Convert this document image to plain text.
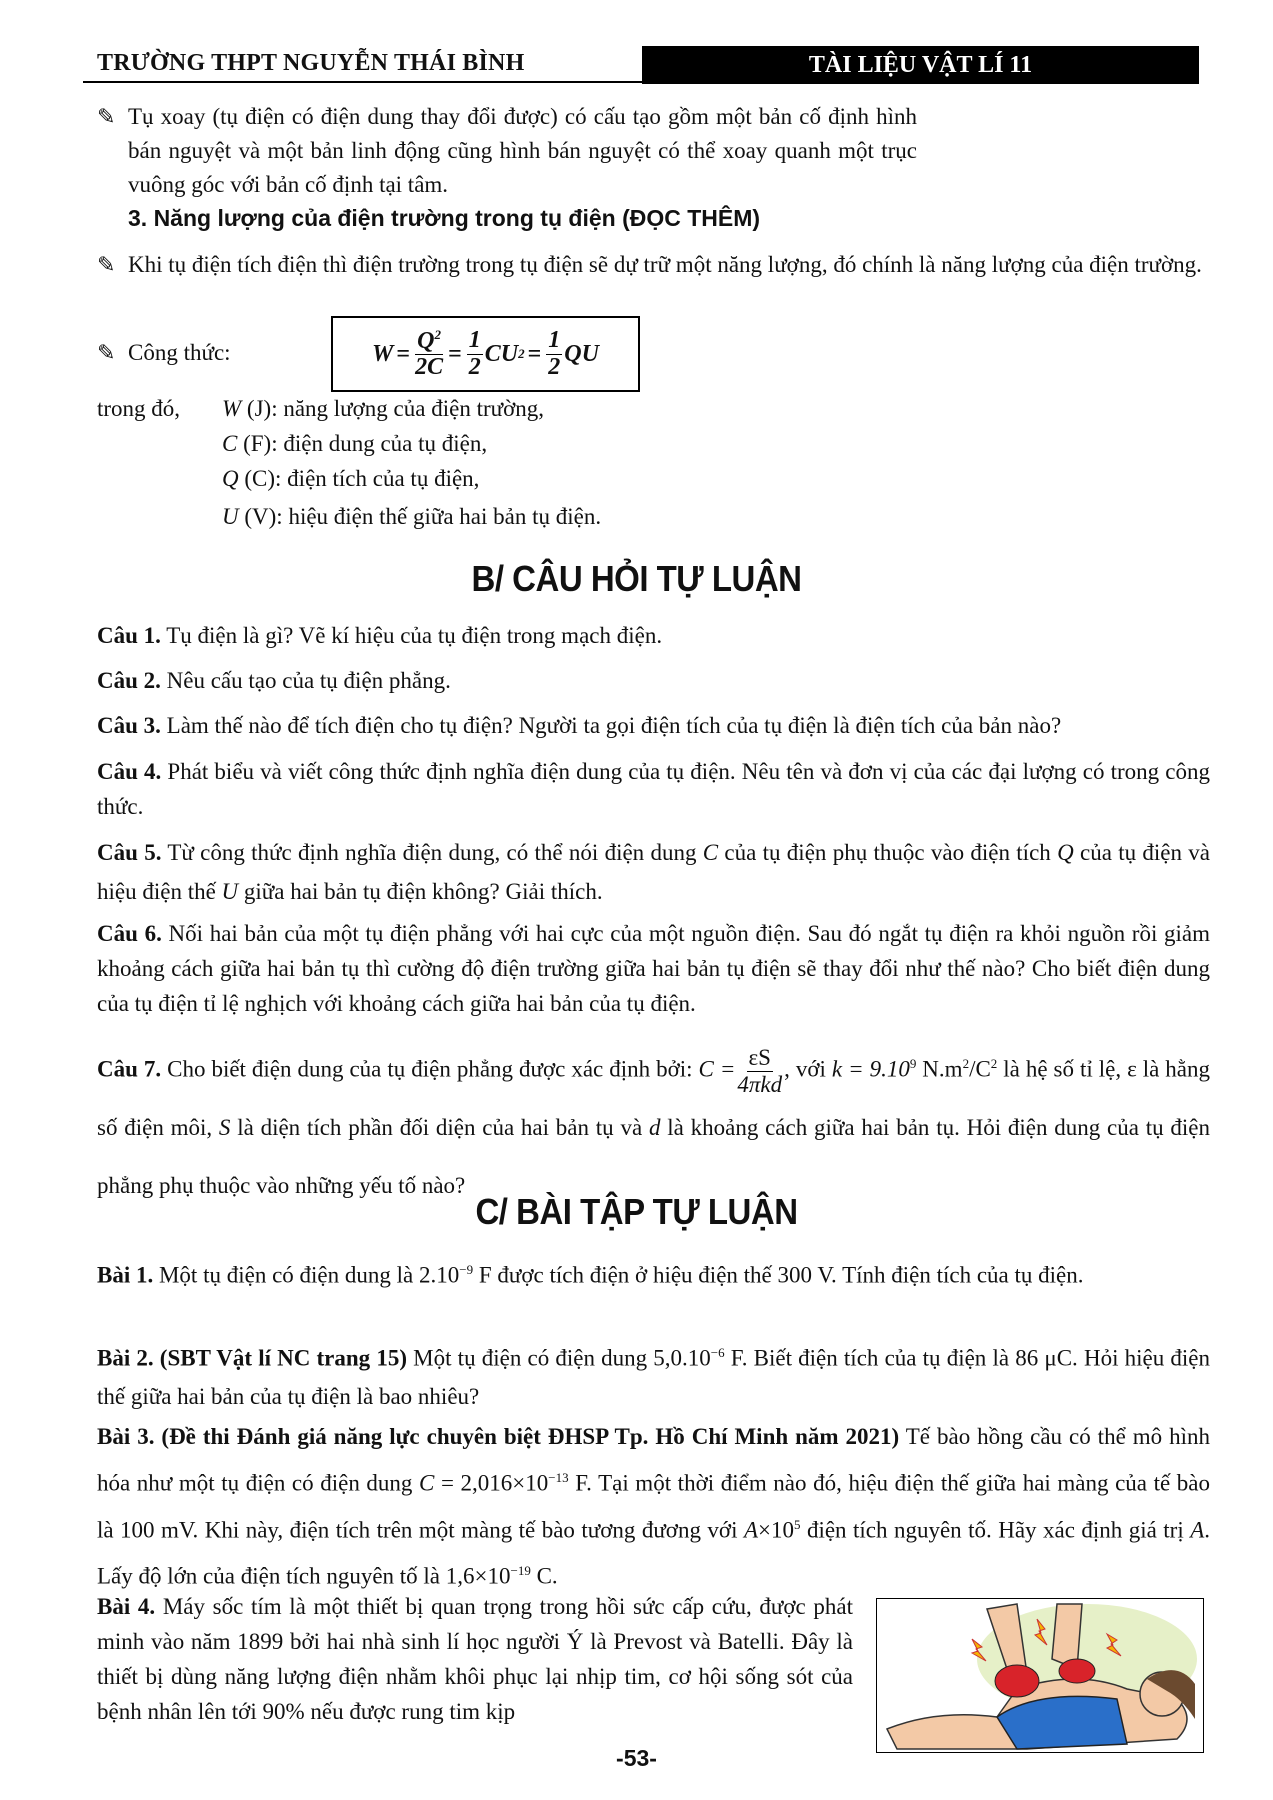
TRƯỜNG THPT NGUYỄN THÁI BÌNH	TÀI LIỆU VẬT LÍ 11
✎ Tụ xoay (tụ điện có điện dung thay đổi được) có cấu tạo gồm một bản cố định hình bán nguyệt và một bản linh động cũng hình bán nguyệt có thể xoay quanh một trục vuông góc với bản cố định tại tâm.
3. Năng lượng của điện trường trong tụ điện (ĐỌC THÊM)
✎ Khi tụ điện tích điện thì điện trường trong tụ điện sẽ dự trữ một năng lượng, đó chính là năng lượng của điện trường.
✎ Công thức:	$W = \frac{Q^2}{2C} = \frac{1}{2}$ CU $2 = \frac{1}{2}$ QU
trong đó, W (J): năng lượng của điện trường,
C (F): điện dung của tụ điện,
Q (C): điện tích của tụ điện,
U (V): hiệu điện thế giữa hai bản tụ điện.
B/ CÂU HỎI TỰ LUẬN
Câu 1. Tụ điện là gì? Vẽ kí hiệu của tụ điện trong mạch điện.
Câu 2. Nêu cấu tạo của tụ điện phẳng.
Câu 3. Làm thế nào để tích điện cho tụ điện? Người ta gọi điện tích của tụ điện là điện tích của bản nào?
Câu 4. Phát biểu và viết công thức định nghĩa điện dung của tụ điện. Nêu tên và đơn vị của các đại lượng có trong công thức.
Câu 5. Từ công thức định nghĩa điện dung, có thể nói điện dung C của tụ điện phụ thuộc vào điện tích Q của tụ điện và hiệu điện thế U giữa hai bản tụ điện không? Giải thích.
Câu 6. Nối hai bản của một tụ điện phẳng với hai cực của một nguồn điện. Sau đó ngắt tụ điện ra khỏi nguồn rồi giảm khoảng cách giữa hai bản tụ thì cường độ điện trường giữa hai bản tụ điện sẽ thay đổi như thế nào? Cho biết điện dung của tụ điện tỉ lệ nghịch với khoảng cách giữa hai bản của tụ điện.
Câu 7. Cho biết điện dung của tụ điện phẳng được xác định bởi: $C = \frac{\varepsilon S}{\text{4πkd}}$ , với $k = 9.10^9$ $N.m^2/C^2$ là hệ số tỉ lệ, ε là hằng số điện môi, S là diện tích phần đối diện của hai bản tụ và d là khoảng cách giữa hai bản tụ. Hỏi điện dung của tụ điện phẳng phụ thuộc vào những yếu tố nào?
C/ BÀI TẬP TỰ LUẬN
Bài 1. Một tụ điện có điện dung là $2.10^{-9}$ F được tích điện ở hiệu điện thế 300 V. Tính điện tích của tụ điện.
Bài 2. (SBT Vật lí NC trang 15) Một tụ điện có điện dung $5,0.10^{-6}$ F. Biết điện tích của tụ điện là 86 μC. Hỏi hiệu điện thế giữa hai bản của tụ điện là bao nhiêu?
Bài 3. (Đề thi Đánh giá năng lực chuyên biệt ĐHSP Tp. Hồ Chí Minh năm 2021) Tế bào hồng cầu có thể mô hình hóa như một tụ điện có điện dung $C = 2,016\times 10^{-13}$ F. Tại một thời điểm nào đó, hiệu điện thế giữa hai màng của tế bào là 100 mV. Khi này, điện tích trên một màng tế bào tương đương với $A\times 10^5$ điện tích nguyên tố. Hãy xác định giá trị A. Lấy độ lớn của điện tích nguyên tố là $1,6\times 10^{-19}$ C.
Bài 4. Máy sốc tím là một thiết bị quan trọng trong hồi sức cấp cứu, được phát minh vào năm 1899 bởi hai nhà sinh lí học người Ý là Prevost và Batelli. Đây là thiết bị dùng năng lượng điện nhằm khôi phục lại nhịp tim, cơ hội sống sót của bệnh nhân lên tới 90% nếu được rung tim kịp
-53-
